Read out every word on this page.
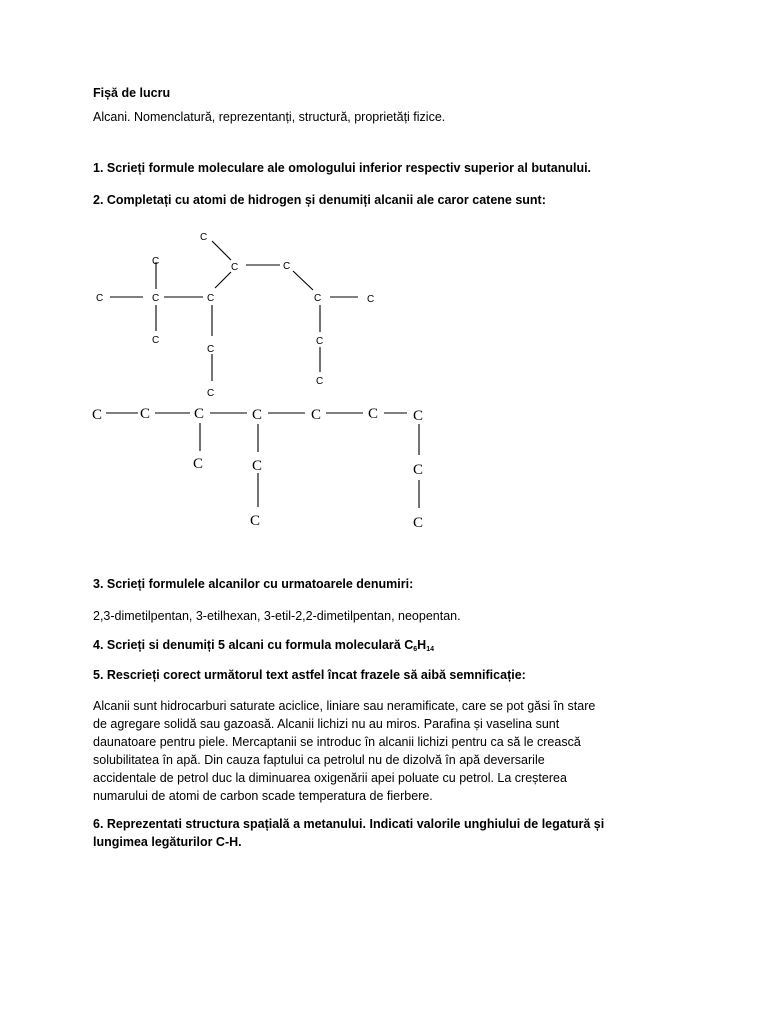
Fișă de lucru
Alcani. Nomenclatură, reprezentanți, structură, proprietăți fizice.
1. Scrieți formule moleculare ale omologului inferior respectiv superior al butanului.
2. Completați cu atomi de hidrogen și denumiți alcanii ale caror catene sunt:
C
C
C	C
C	C	C	C	C
C	C
C
C
C
C	C	C	C	C	C C
C	C	C
C	C
3. Scrieți formulele alcanilor cu urmatoarele denumiri:
2,3-dimetilpentan, 3-etilhexan, 3-etil-2,2-dimetilpentan, neopentan.
4. Scrieți si denumiți 5 alcani cu formula moleculară $C_6H_{14}$
5. Rescrieți corect următorul text astfel încat frazele să aibă semnificație:
Alcanii sunt hidrocarburi saturate aciclice, liniare sau neramificate, care se pot găsi în stare
de agregare solidă sau gazoasă. Alcanii lichizi nu au miros. Parafina și vaselina sunt
daunatoare pentru piele. Mercaptanii se introduc în alcanii lichizi pentru ca să le crească
solubilitatea în apă. Din cauza faptului ca petrolul nu de dizolvă în apă deversarile
accidentale de petrol duc la diminuarea oxigenării apei poluate cu petrol. La creșterea
numarului de atomi de carbon scade temperatura de fierbere.
6. Reprezentati structura spațială a metanului. Indicati valorile unghiului de legatură și
lungimea legăturilor C-H.
